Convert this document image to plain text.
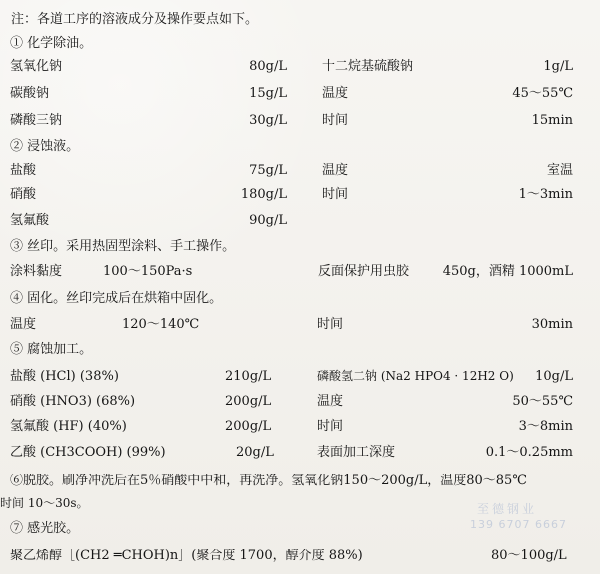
注：各道工序的溶液成分及操作要点如下。
① 化学除油。
氢氧化钠	80g/L	十二烷基硫酸钠	1g/L
碳酸钠	15g/L	温度	45～55℃
磷酸三钠	30g/L	时间	15min
② 浸蚀液。
盐酸	75g/L	温度	室温
硝酸	180g/L	时间	1～3min
氢氟酸	90g/L
③ 丝印。采用热固型涂料、手工操作。
涂料黏度	100～150Pa·s	反面保护用虫胶	450g，酒精 1000mL
④ 固化。丝印完成后在烘箱中固化。
温度	120～140℃	时间	30min
⑤ 腐蚀加工。
盐酸 (HCl) (38%)	210g/L	磷酸氢二钠 (Na2 HPO4 · 12H2 O) 10g/L
硝酸 (HNO3) (68%)	200g/L	温度	50～55℃
氢氟酸 (HF) (40%)	200g/L	时间	3～8min
乙酸 (CH3COOH) (99%)	20g/L	表面加工深度	0.1～0.25mm
⑥脱胶。刷净冲洗后在5％硝酸中中和，再洗净。氢氧化钠150～200g/L，温度80～85℃
时间 10～30s。
⑦ 感光胶。
聚乙烯醇［(CH2 ═CHOH)n］(聚合度 1700，醇介度 88%)	80～100g/L
至德钢业
139 6707 6667
